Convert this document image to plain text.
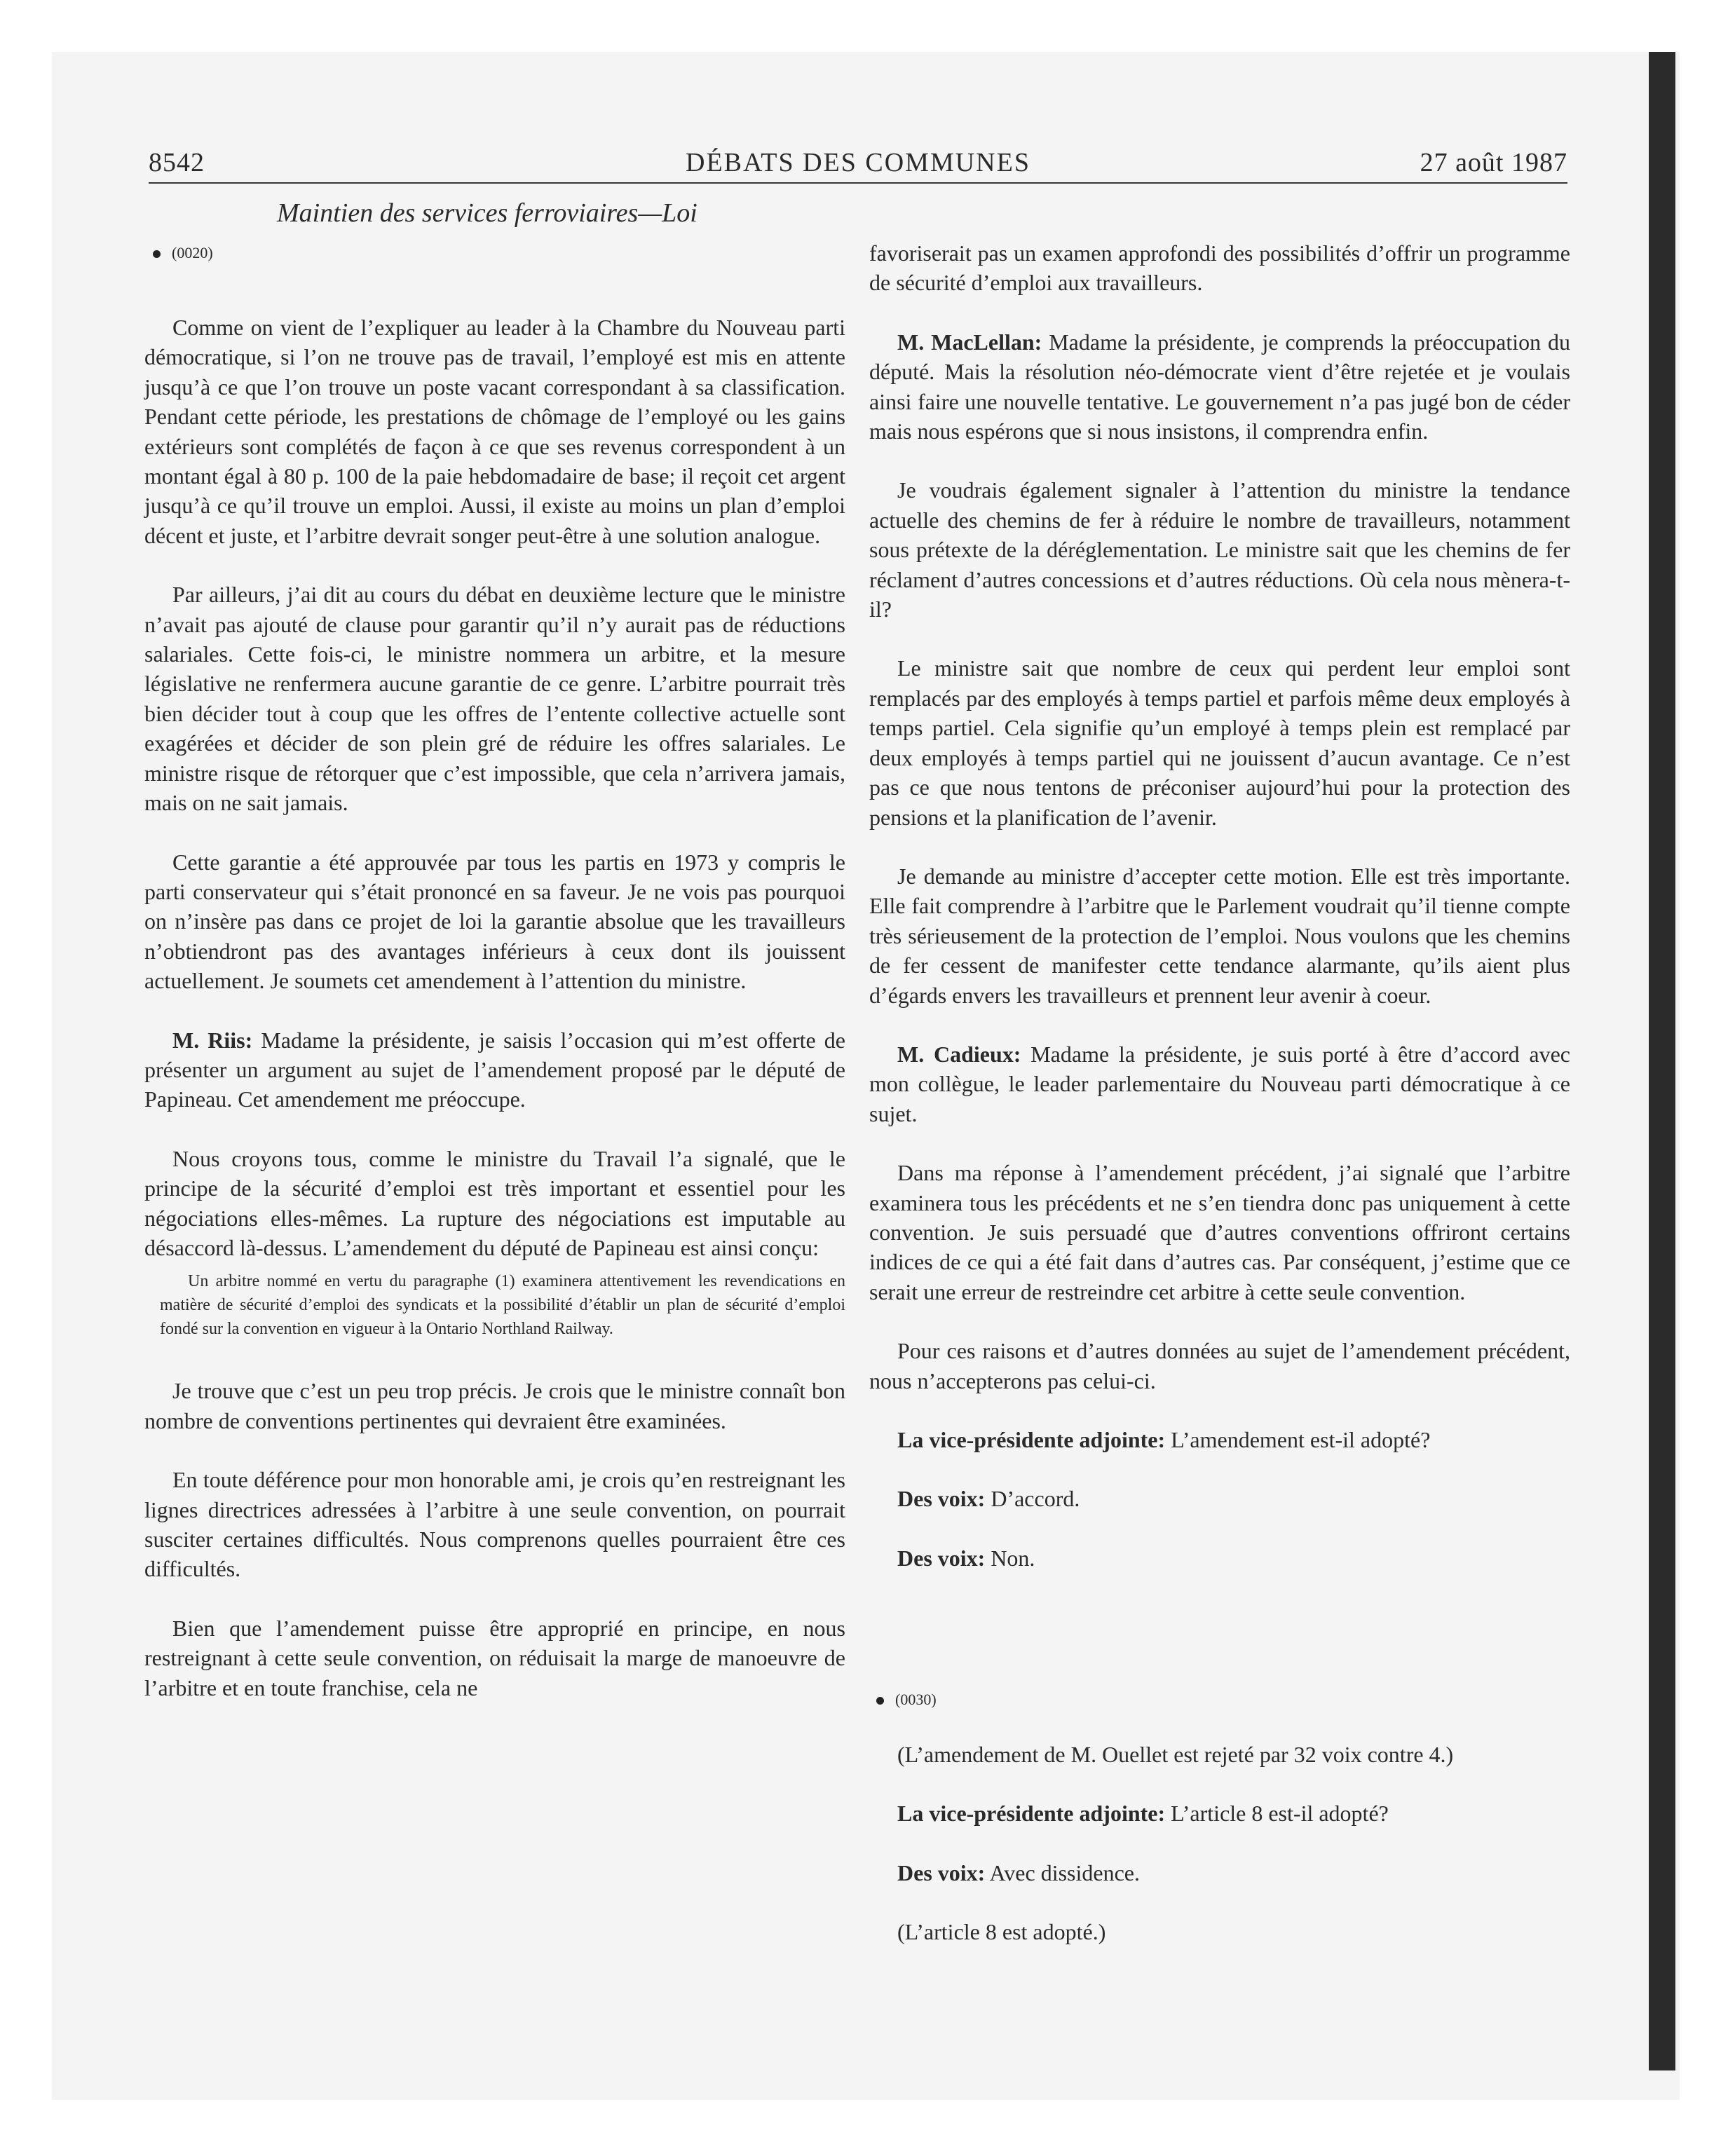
8542	DÉBATS DES COMMUNES	27 août 1987
Maintien des services ferroviaires—Loi
(0020)
(0030)

Comme on vient de l’expliquer au leader à la Chambre du Nouveau parti démocratique, si l’on ne trouve pas de travail, l’employé est mis en attente jusqu’à ce que l’on trouve un poste vacant correspondant à sa classification. Pendant cette période, les prestations de chômage de l’employé ou les gains extérieurs sont complétés de façon à ce que ses revenus correspondent à un montant égal à 80 p. 100 de la paie hebdomadaire de base; il reçoit cet argent jusqu’à ce qu’il trouve un emploi. Aussi, il existe au moins un plan d’emploi décent et juste, et l’arbitre devrait songer peut-être à une solution analogue.

Par ailleurs, j’ai dit au cours du débat en deuxième lecture que le ministre n’avait pas ajouté de clause pour garantir qu’il n’y aurait pas de réductions salariales. Cette fois-ci, le ministre nommera un arbitre, et la mesure législative ne renfermera aucune garantie de ce genre. L’arbitre pourrait très bien décider tout à coup que les offres de l’entente collective actuelle sont exagérées et décider de son plein gré de réduire les offres salariales. Le ministre risque de rétorquer que c’est impossible, que cela n’arrivera jamais, mais on ne sait jamais.

Cette garantie a été approuvée par tous les partis en 1973 y compris le parti conservateur qui s’était prononcé en sa faveur. Je ne vois pas pourquoi on n’insère pas dans ce projet de loi la garantie absolue que les travailleurs n’obtiendront pas des avantages inférieurs à ceux dont ils jouissent actuellement. Je soumets cet amendement à l’attention du ministre.

M. Riis: Madame la présidente, je saisis l’occasion qui m’est offerte de présenter un argument au sujet de l’amendement proposé par le député de Papineau. Cet amendement me préoccupe.

Nous croyons tous, comme le ministre du Travail l’a signalé, que le principe de la sécurité d’emploi est très important et essentiel pour les négociations elles-mêmes. La rupture des négociations est imputable au désaccord là-dessus. L’amendement du député de Papineau est ainsi conçu:

Un arbitre nommé en vertu du paragraphe (1) examinera attentivement les revendications en matière de sécurité d’emploi des syndicats et la possibilité d’établir un plan de sécurité d’emploi fondé sur la convention en vigueur à la Ontario Northland Railway.

Je trouve que c’est un peu trop précis. Je crois que le ministre connaît bon nombre de conventions pertinentes qui devraient être examinées.

En toute déférence pour mon honorable ami, je crois qu’en restreignant les lignes directrices adressées à l’arbitre à une seule convention, on pourrait susciter certaines difficultés. Nous comprenons quelles pourraient être ces difficultés.

Bien que l’amendement puisse être approprié en principe, en nous restreignant à cette seule convention, on réduisait la marge de manoeuvre de l’arbitre et en toute franchise, cela ne

favoriserait pas un examen approfondi des possibilités d’offrir un programme de sécurité d’emploi aux travailleurs.

M. MacLellan: Madame la présidente, je comprends la préoccupation du député. Mais la résolution néo-démocrate vient d’être rejetée et je voulais ainsi faire une nouvelle tentative. Le gouvernement n’a pas jugé bon de céder mais nous espérons que si nous insistons, il comprendra enfin.

Je voudrais également signaler à l’attention du ministre la tendance actuelle des chemins de fer à réduire le nombre de travailleurs, notamment sous prétexte de la déréglementation. Le ministre sait que les chemins de fer réclament d’autres concessions et d’autres réductions. Où cela nous mènera-t-il?

Le ministre sait que nombre de ceux qui perdent leur emploi sont remplacés par des employés à temps partiel et parfois même deux employés à temps partiel. Cela signifie qu’un employé à temps plein est remplacé par deux employés à temps partiel qui ne jouissent d’aucun avantage. Ce n’est pas ce que nous tentons de préconiser aujourd’hui pour la protection des pensions et la planification de l’avenir.

Je demande au ministre d’accepter cette motion. Elle est très importante. Elle fait comprendre à l’arbitre que le Parlement voudrait qu’il tienne compte très sérieusement de la protection de l’emploi. Nous voulons que les chemins de fer cessent de manifester cette tendance alarmante, qu’ils aient plus d’égards envers les travailleurs et prennent leur avenir à coeur.

M. Cadieux: Madame la présidente, je suis porté à être d’accord avec mon collègue, le leader parlementaire du Nouveau parti démocratique à ce sujet.

Dans ma réponse à l’amendement précédent, j’ai signalé que l’arbitre examinera tous les précédents et ne s’en tiendra donc pas uniquement à cette convention. Je suis persuadé que d’autres conventions offriront certains indices de ce qui a été fait dans d’autres cas. Par conséquent, j’estime que ce serait une erreur de restreindre cet arbitre à cette seule convention.

Pour ces raisons et d’autres données au sujet de l’amendement précédent, nous n’accepterons pas celui-ci.

La vice-présidente adjointe: L’amendement est-il adopté?

Des voix: D’accord.

Des voix: Non.

(L’amendement de M. Ouellet est rejeté par 32 voix contre 4.)

La vice-présidente adjointe: L’article 8 est-il adopté?

Des voix: Avec dissidence.

(L’article 8 est adopté.)
